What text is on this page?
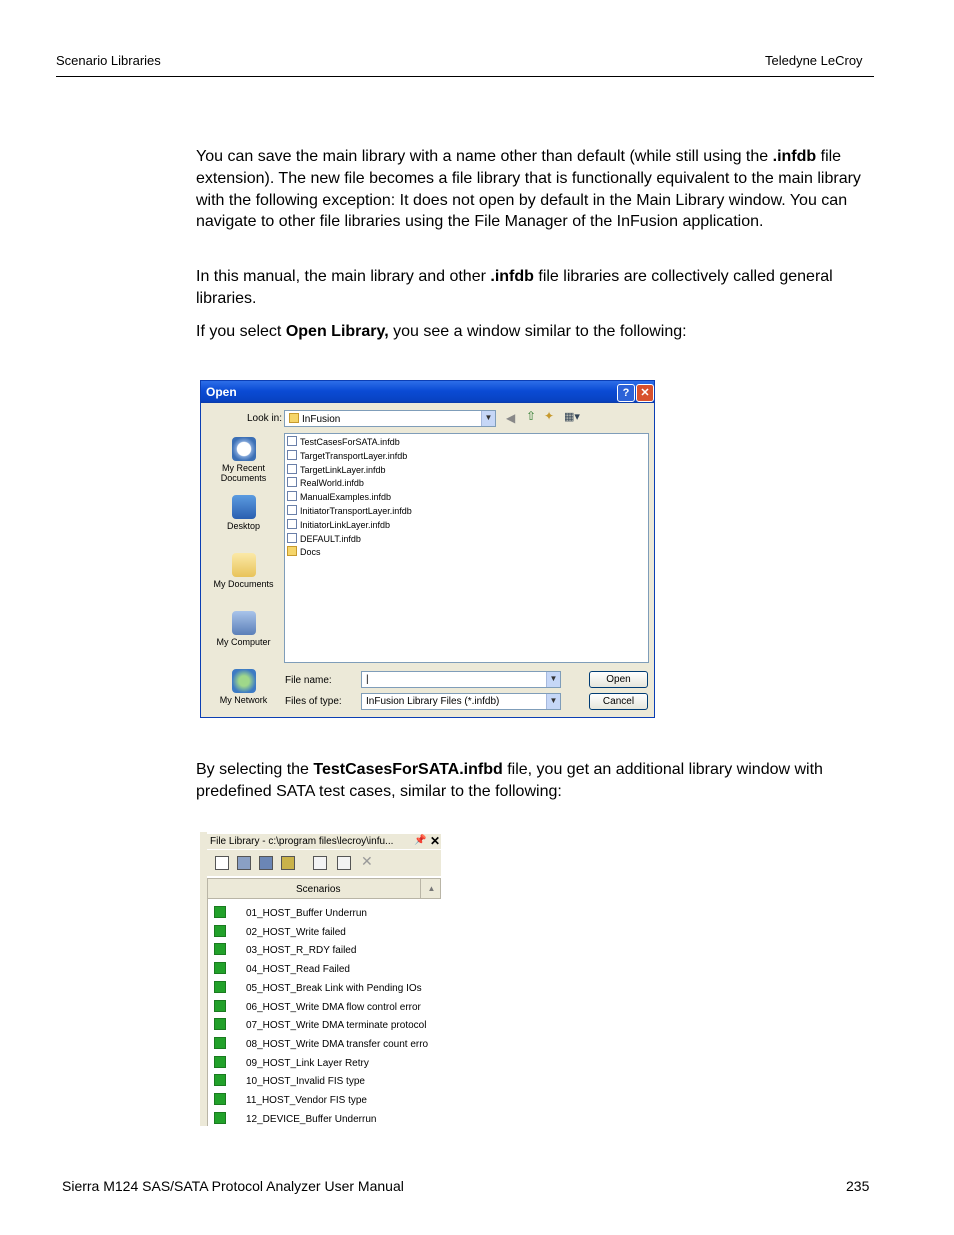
Scenario Libraries	Teledyne LeCroy
You can save the main library with a name other than default (while still using the .infdb file extension). The new file becomes a file library that is functionally equivalent to the main library with the following exception: It does not open by default in the Main Library window. You can navigate to other file libraries using the File Manager of the InFusion application.
In this manual, the main library and other .infdb file libraries are collectively called general libraries.
If you select Open Library, you see a window similar to the following:
Open	?	✕
Look in:	InFusion	▼ ◀ ⇧ ✦ ▦▾
My Recent Documents
Desktop
My Documents
My Computer
My Network
TestCasesForSATA.infdb
TargetTransportLayer.infdb
TargetLinkLayer.infdb
RealWorld.infdb
ManualExamples.infdb
InitiatorTransportLayer.infdb
InitiatorLinkLayer.infdb
DEFAULT.infdb
Docs
File name:	|	▼
Files of type: InFusion Library Files (*.infdb)	▼
Open
Cancel
By selecting the TestCasesForSATA.infbd file, you get an additional library window with predefined SATA test cases, similar to the following:
File Library - c:\program files\lecroy\infu... 📌 ✕
✕
Scenarios	▲
01_HOST_Buffer Underrun
02_HOST_Write failed
03_HOST_R_RDY failed
04_HOST_Read Failed
05_HOST_Break Link with Pending IOs
06_HOST_Write DMA flow control error
07_HOST_Write DMA terminate protocol
08_HOST_Write DMA transfer count erro
09_HOST_Link Layer Retry
10_HOST_Invalid FIS type
11_HOST_Vendor FIS type
12_DEVICE_Buffer Underrun
Sierra M124 SAS/SATA Protocol Analyzer User Manual	235
